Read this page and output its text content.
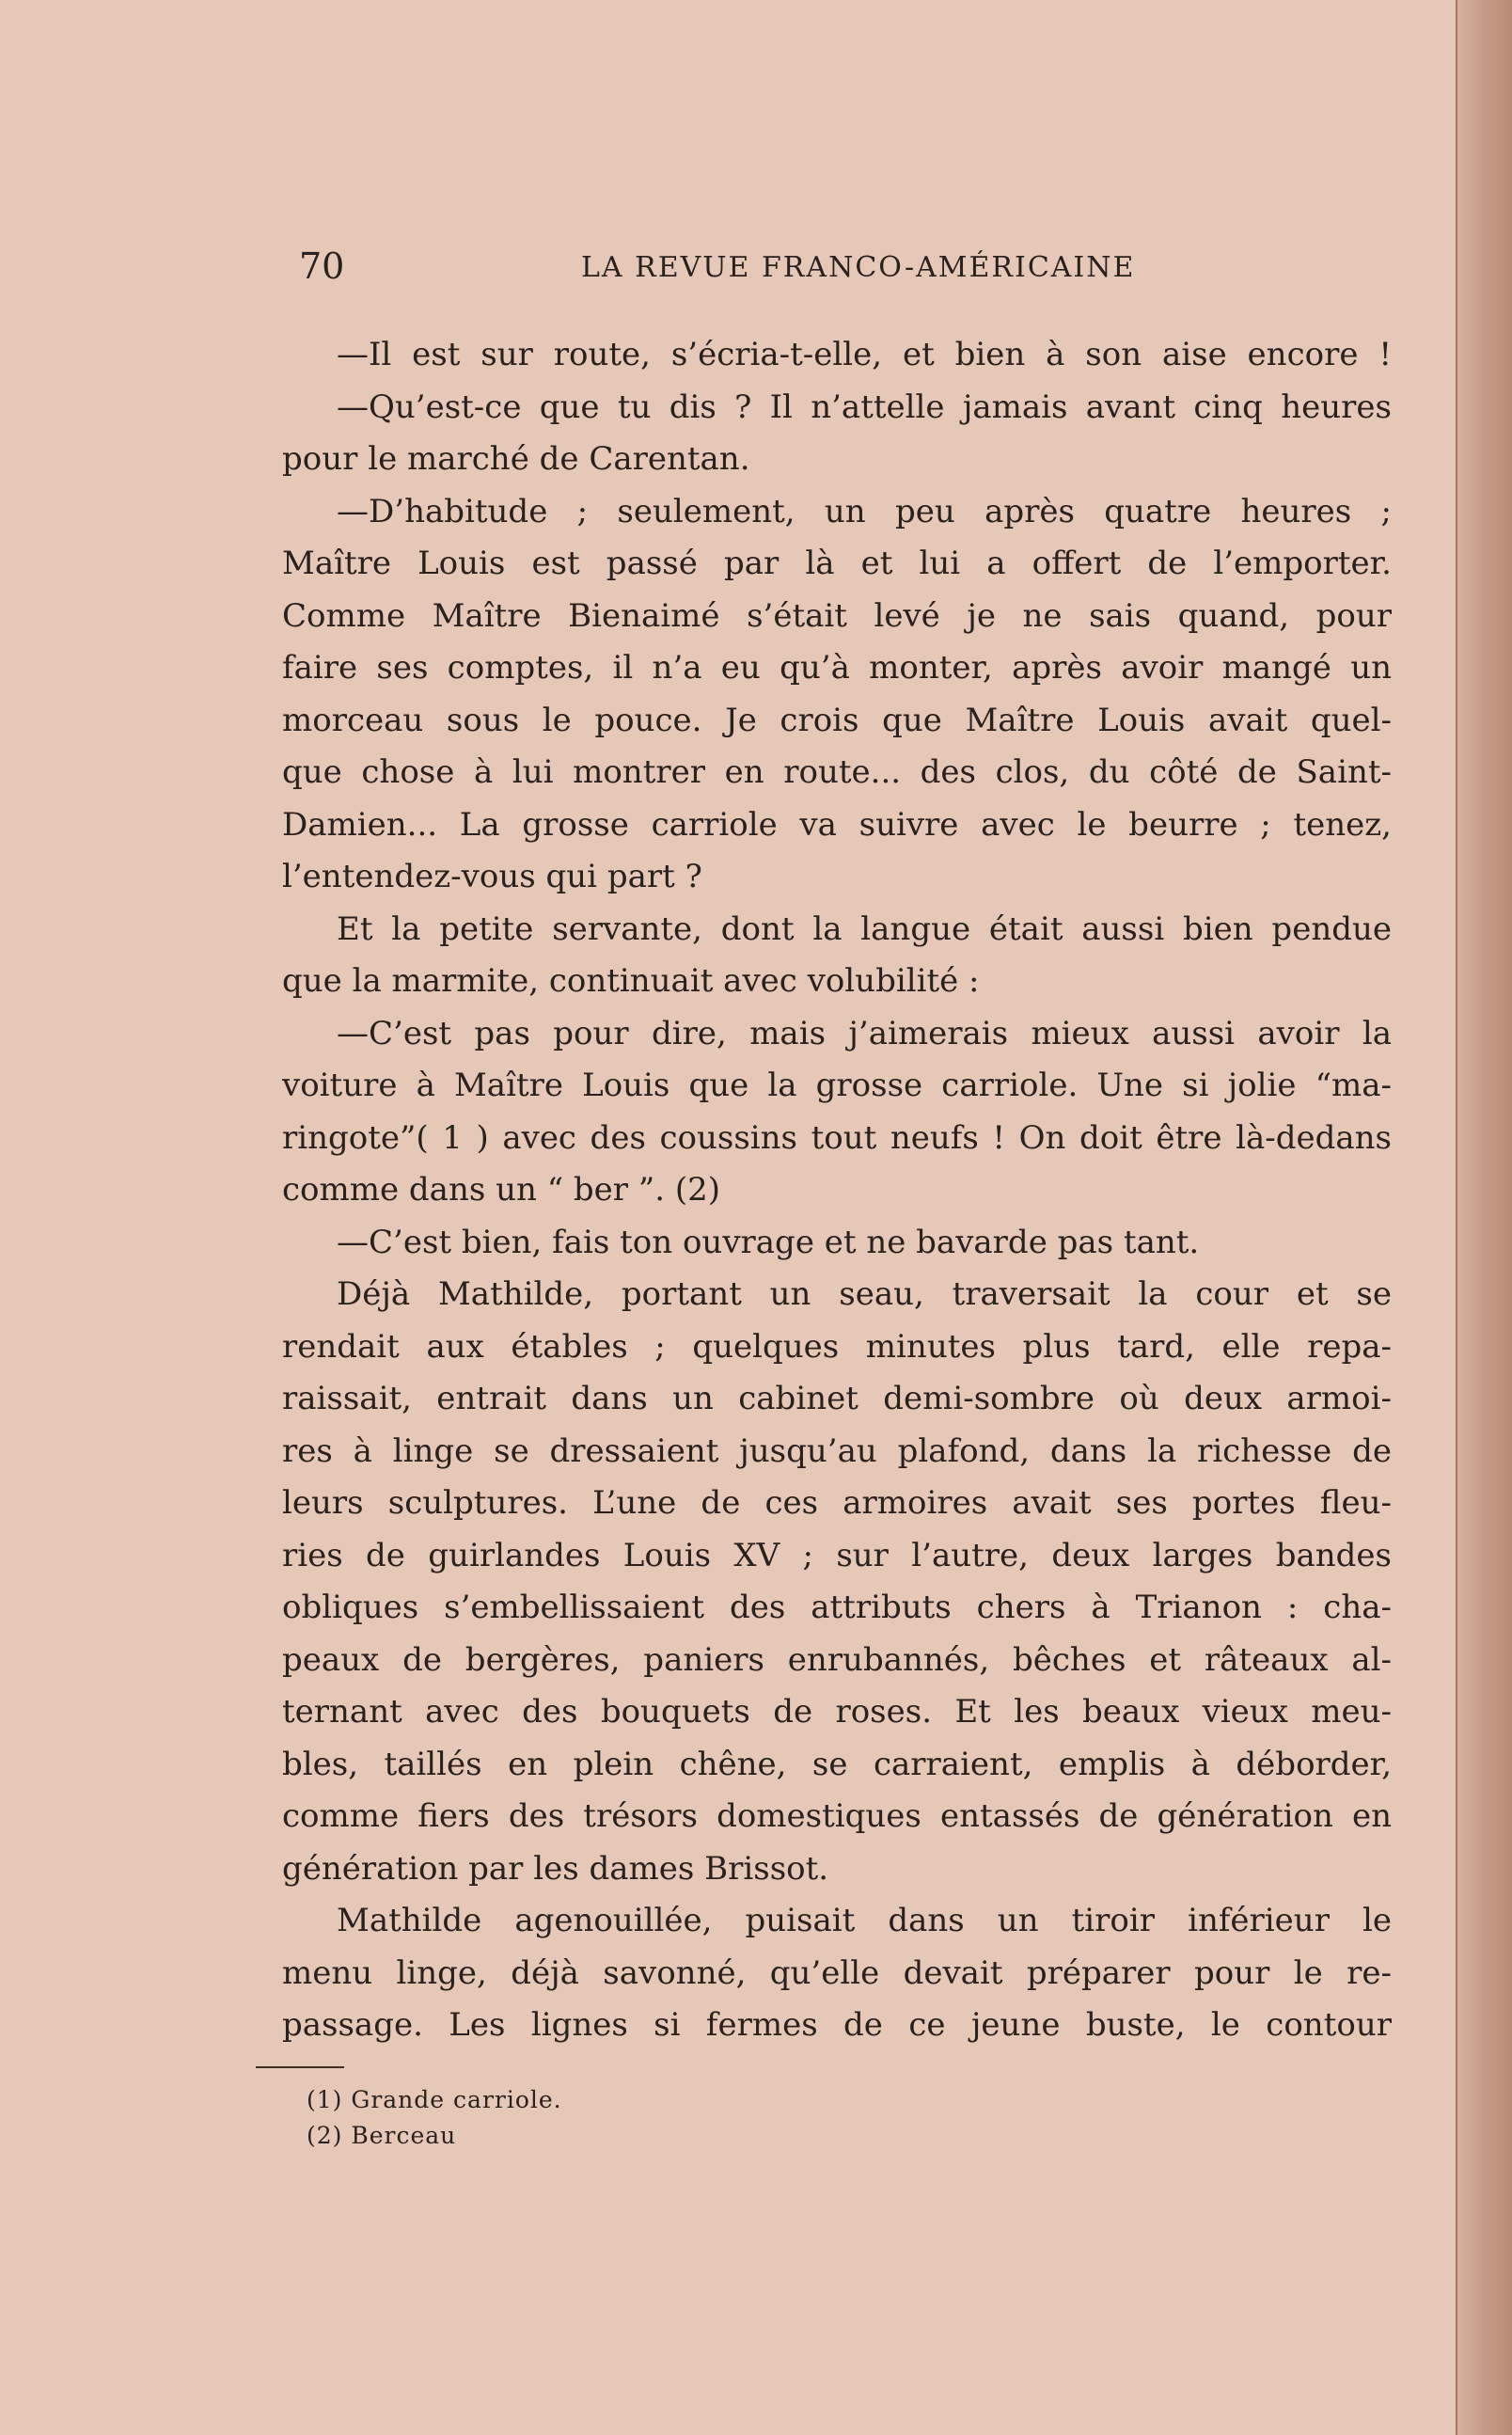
70	LA REVUE FRANCO-AMÉRICAINE
—Il est sur route, s’écria-t-elle, et bien à son aise encore !
—Qu’est-ce que tu dis ? Il n’attelle jamais avant cinq heures
pour le marché de Carentan.
—D’habitude ; seulement, un peu après quatre heures ;
Maître Louis est passé par là et lui a offert de l’emporter.
Comme Maître Bienaimé s’était levé je ne sais quand, pour
faire ses comptes, il n’a eu qu’à monter, après avoir mangé un
morceau sous le pouce. Je crois que Maître Louis avait quel-
que chose à lui montrer en route... des clos, du côté de Saint-
Damien... La grosse carriole va suivre avec le beurre ; tenez,
l’entendez-vous qui part ?
Et la petite servante, dont la langue était aussi bien pendue
que la marmite, continuait avec volubilité :
—C’est pas pour dire, mais j’aimerais mieux aussi avoir la
voiture à Maître Louis que la grosse carriole. Une si jolie “ma-
ringote”( 1 ) avec des coussins tout neufs ! On doit être là-dedans
comme dans un “ ber ”. (2)
—C’est bien, fais ton ouvrage et ne bavarde pas tant.
Déjà Mathilde, portant un seau, traversait la cour et se
rendait aux étables ; quelques minutes plus tard, elle repa-
raissait, entrait dans un cabinet demi-sombre où deux armoi-
res à linge se dressaient jusqu’au plafond, dans la richesse de
leurs sculptures. L’une de ces armoires avait ses portes fleu-
ries de guirlandes Louis XV ; sur l’autre, deux larges bandes
obliques s’embellissaient des attributs chers à Trianon : cha-
peaux de bergères, paniers enrubannés, bêches et râteaux al-
ternant avec des bouquets de roses. Et les beaux vieux meu-
bles, taillés en plein chêne, se carraient, emplis à déborder,
comme fiers des trésors domestiques entassés de génération en
génération par les dames Brissot.
Mathilde agenouillée, puisait dans un tiroir inférieur le
menu linge, déjà savonné, qu’elle devait préparer pour le re-
passage. Les lignes si fermes de ce jeune buste, le contour
(1) Grande carriole.
(2) Berceau
